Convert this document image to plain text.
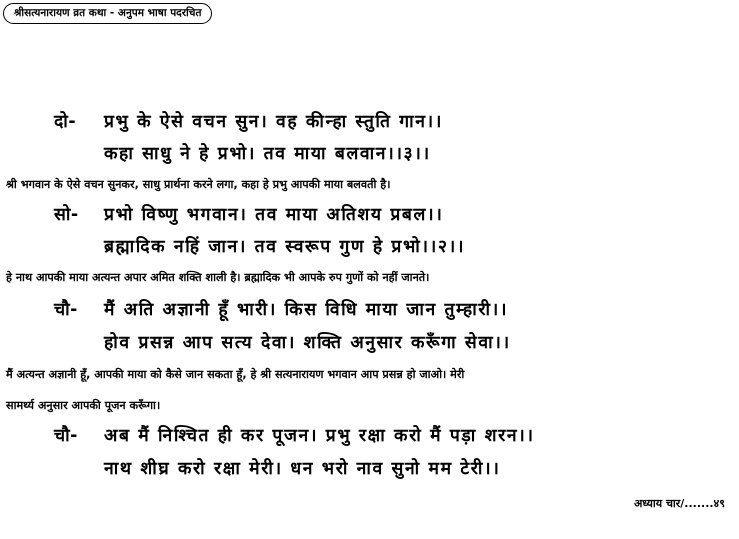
श्रीसत्यनारायण व्रत कथा - अनुपम भाषा पदरचित
दो- प्रभु के ऐसे वचन सुन। वह कीन्हा स्तुति गान।।
कहा साधु ने हे प्रभो। तव माया बलवान।।३।।
श्री भगवान के ऐसे वचन सुनकर, साधु प्रार्थना करने लगा, कहा हे प्रभु आपकी माया बलवती है।
सो- प्रभो विष्णु भगवान। तव माया अतिशय प्रबल।।
ब्रह्मादिक नहिं जान। तव स्वरूप गुण हे प्रभो।।२।।
हे नाथ आपकी माया अत्यन्त अपार अमित शक्ति शाली है। ब्रह्मादिक भी आपके रुप गुणों को नहीं जानते।
चौ- मैं अति अज्ञानी हूँ भारी। किस विधि माया जान तुम्हारी।।
होव प्रसन्न आप सत्य देवा। शक्ति अनुसार करूँगा सेवा।।
मैं अत्यन्त अज्ञानी हूँ, आपकी माया को कैसे जान सकता हूँ, हे श्री सत्यनारायण भगवान आप प्रसन्न हो जाओ। मेरी
सामर्थ्य अनुसार आपकी पूजन करूँगा।
चौ- अब मैं निश्चित ही कर पूजन। प्रभु रक्षा करो मैं पड़ा शरन।।
नाथ शीघ्र करो रक्षा मेरी। धन भरो नाव सुनो मम टेरी।।
अध्याय चार/.......४९
